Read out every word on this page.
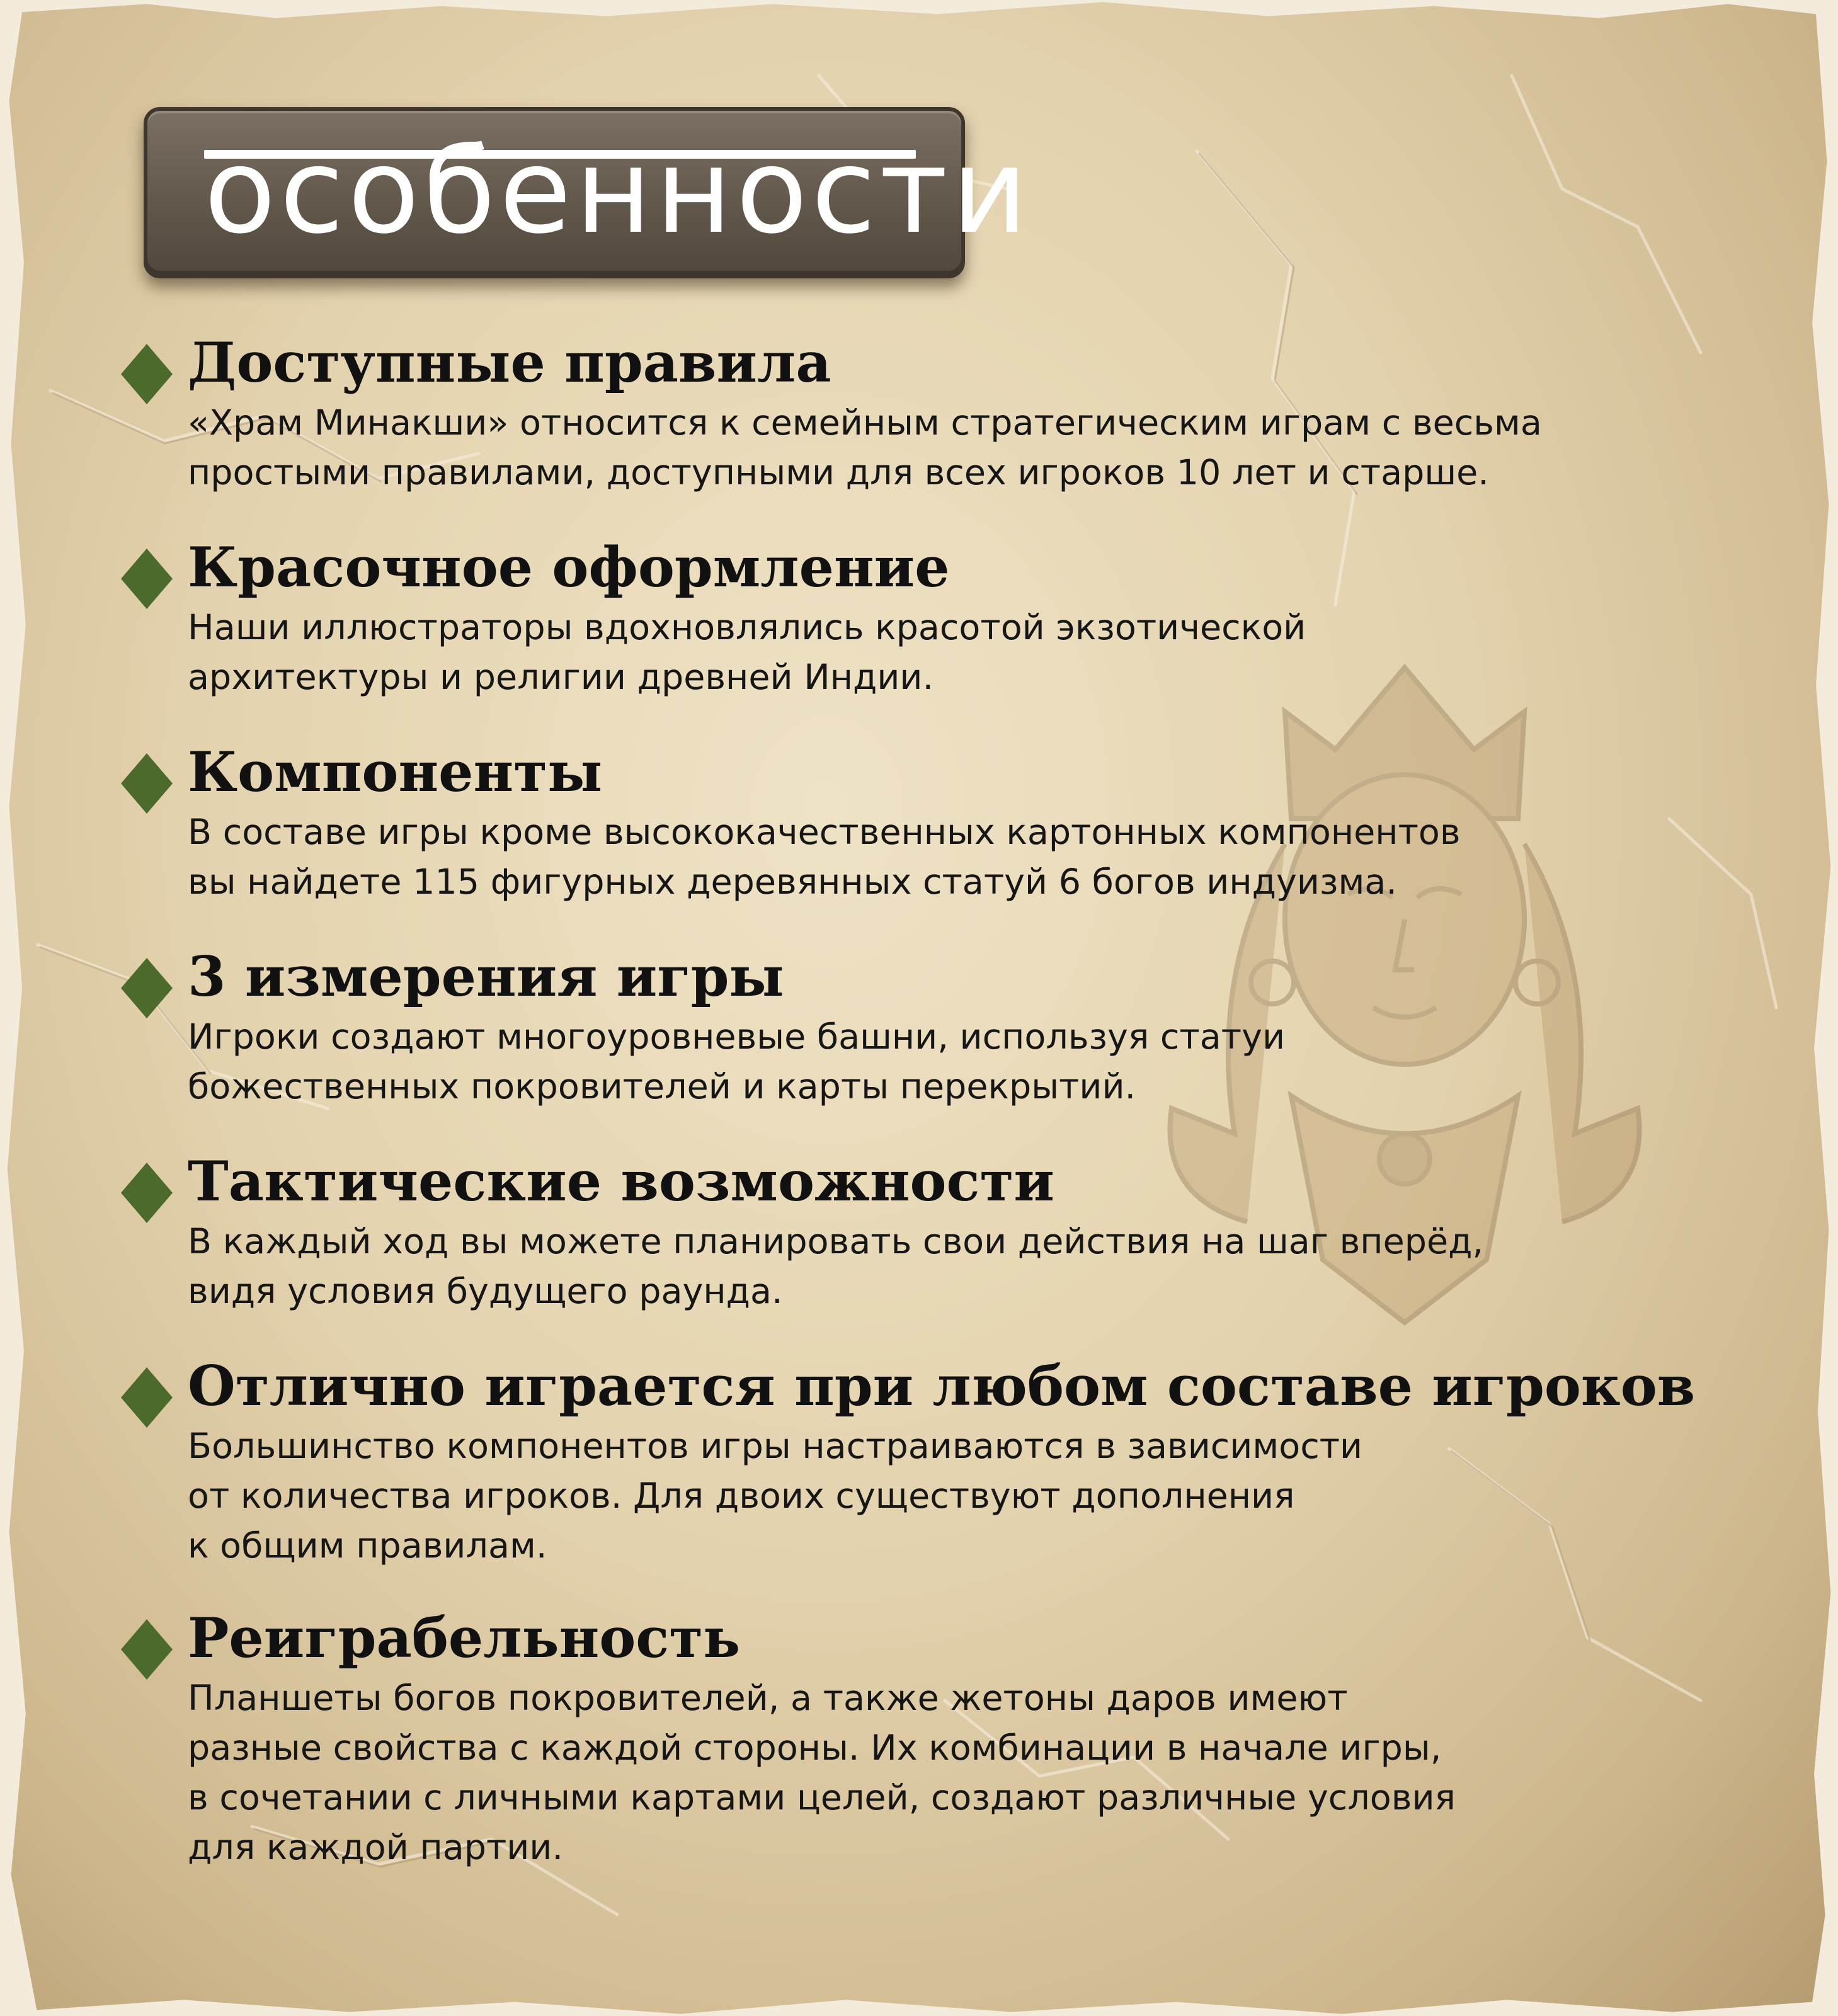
особенности
Доступные правила

«Храм Минакши» относится к семейным стратегическим играм с весьма
простыми правилами, доступными для всех игроков 10 лет и старше.

Красочное оформление

Наши иллюстраторы вдохновлялись красотой экзотической
архитектуры и религии древней Индии.

Компоненты

В составе игры кроме высококачественных картонных компонентов
вы найдете 115 фигурных деревянных статуй 6 богов индуизма.

3 измерения игры

Игроки создают многоуровневые башни, используя статуи
божественных покровителей и карты перекрытий.

Тактические возможности

В каждый ход вы можете планировать свои действия на шаг вперёд,
видя условия будущего раунда.

Отлично играется при любом составе игроков

Большинство компонентов игры настраиваются в зависимости
от количества игроков. Для двоих существуют дополнения
к общим правилам.

Реиграбельность

Планшеты богов покровителей, а также жетоны даров имеют
разные свойства с каждой стороны. Их комбинации в начале игры,
в сочетании с личными картами целей, создают различные условия
для каждой партии.
